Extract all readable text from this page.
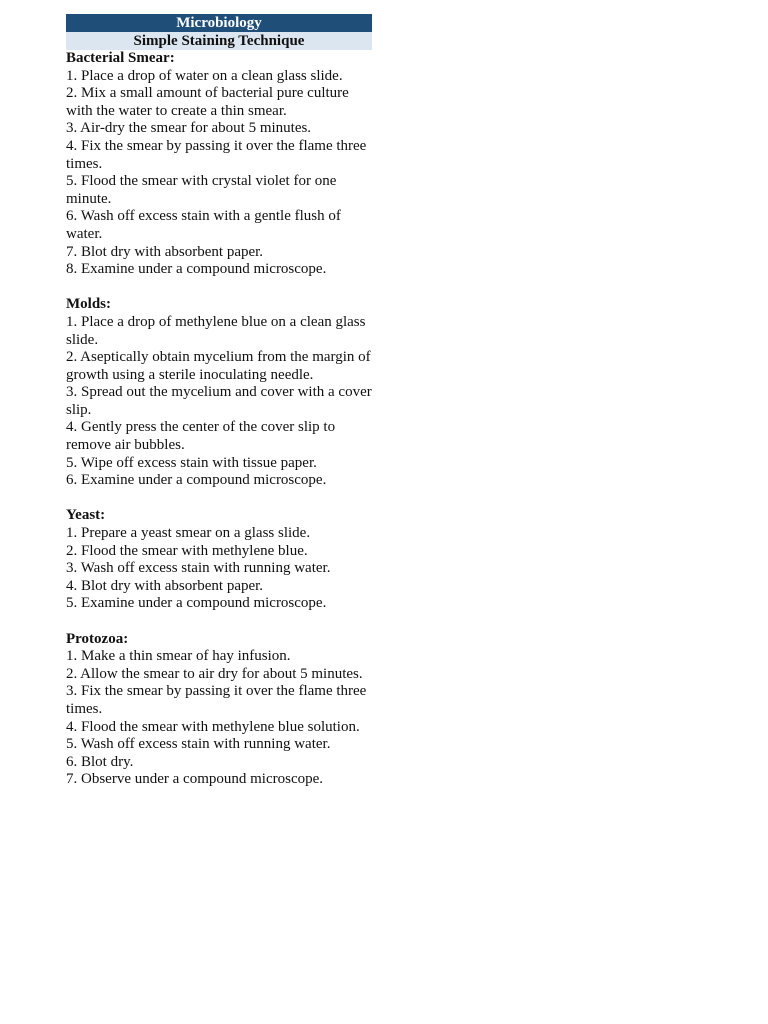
Microbiology
Simple Staining Technique
Bacterial Smear:
1. Place a drop of water on a clean glass slide.
2. Mix a small amount of bacterial pure culture with the water to create a thin smear.
3. Air-dry the smear for about 5 minutes.
4. Fix the smear by passing it over the flame three times.
5. Flood the smear with crystal violet for one minute.
6. Wash off excess stain with a gentle flush of water.
7. Blot dry with absorbent paper.
8. Examine under a compound microscope.
Molds:
1. Place a drop of methylene blue on a clean glass slide.
2. Aseptically obtain mycelium from the margin of growth using a sterile inoculating needle.
3. Spread out the mycelium and cover with a cover slip.
4. Gently press the center of the cover slip to remove air bubbles.
5. Wipe off excess stain with tissue paper.
6. Examine under a compound microscope.
Yeast:
1. Prepare a yeast smear on a glass slide.
2. Flood the smear with methylene blue.
3. Wash off excess stain with running water.
4. Blot dry with absorbent paper.
5. Examine under a compound microscope.
Protozoa:
1. Make a thin smear of hay infusion.
2. Allow the smear to air dry for about 5 minutes.
3. Fix the smear by passing it over the flame three times.
4. Flood the smear with methylene blue solution.
5. Wash off excess stain with running water.
6. Blot dry.
7. Observe under a compound microscope.
